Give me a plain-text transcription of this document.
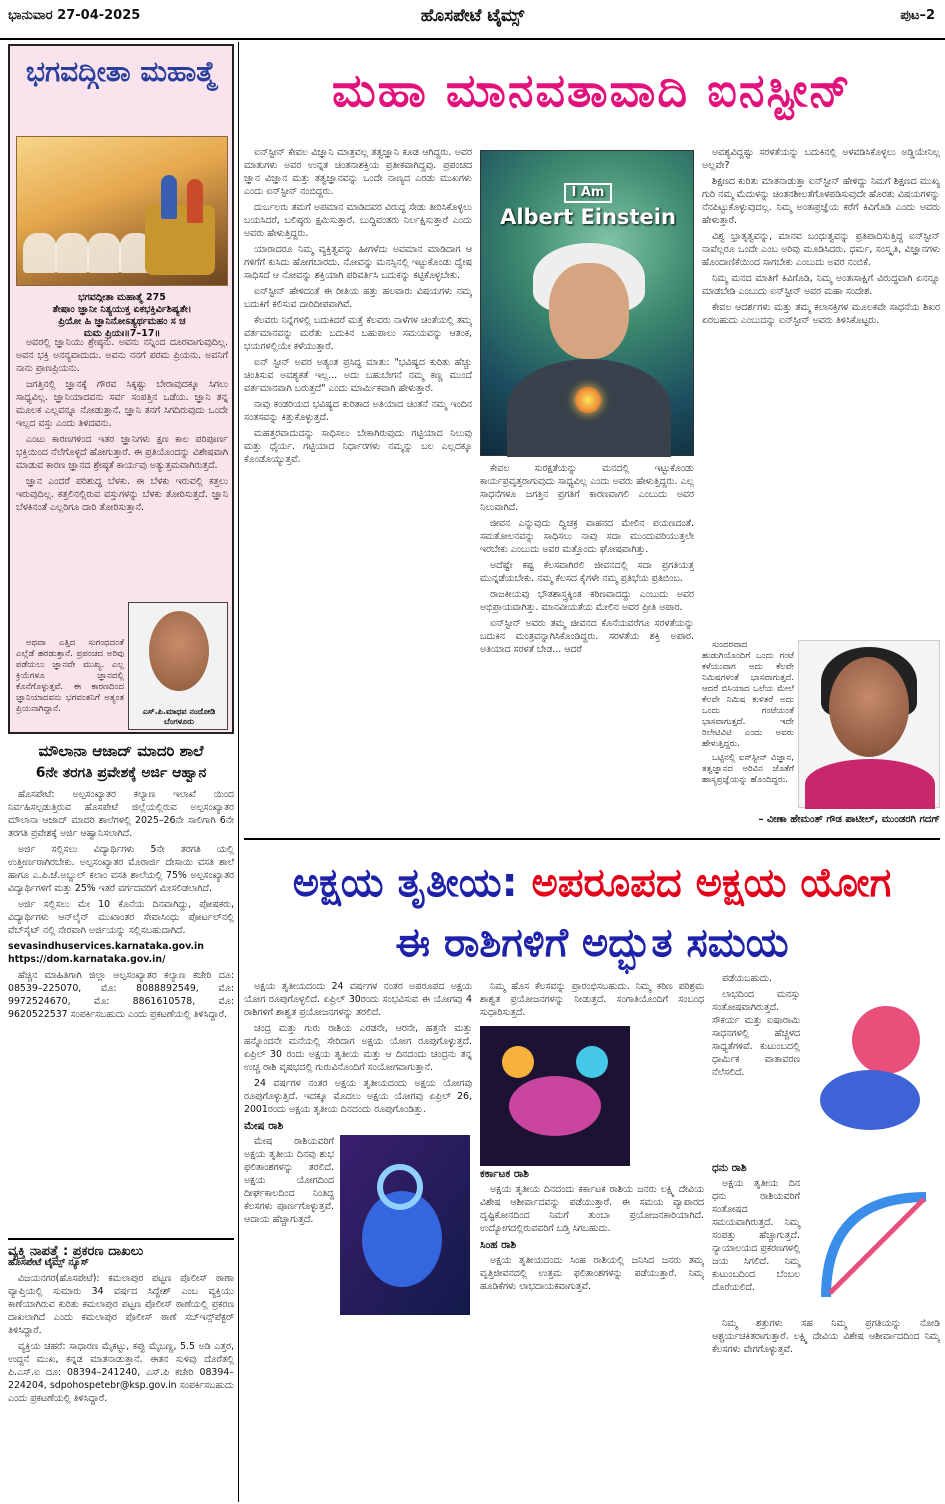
ಭಾನುವಾರ 27-04-2025	ಹೊಸಪೇಟೆ ಟೈಮ್ಸ್	ಪುಟ–2
ಭಗವದ್ಗೀತಾ ಮಹಾತ್ಮೆ
ಭಗವದ್ಗೀತಾ ಮಹಾತ್ಮೆ 275
ತೇಷಾಂ ಜ್ಞಾನೀ ನಿತ್ಯಯುಕ್ತ ಏಕಭಕ್ತಿರ್ವಿಶಿಷ್ಯತೇ।
ಪ್ರಿಯೋ ಹಿ ಜ್ಞಾನಿನೋಽತ್ಯರ್ಥಮಹಂ ಸ ಚ
ಮಮ ಪ್ರಿಯಃ॥7–17॥

ಅವರಲ್ಲಿ ಜ್ಞಾನಿಯು ಶ್ರೇಷ್ಠನು. ಅವನು ನನ್ನಿಂದ ದೂರವಾಗುವುದಿಲ್ಲ. ಅವನ ಭಕ್ತಿ ಅನನ್ಯವಾದುದು. ಅವನು ನನಗೆ ಪರಮ ಪ್ರಿಯನು. ಅವನಿಗೆ ನಾನು ಪ್ರಾಣಪ್ರಿಯನು.

ಜಗತ್ತಿನಲ್ಲಿ ಜ್ಞಾನಕ್ಕೆ ಗೌರವ ಸಿಕ್ಕಷ್ಟು ಬೇರಾವುದಕ್ಕೂ ಸಿಗಲು ಸಾಧ್ಯವಿಲ್ಲ. ಜ್ಞಾನಿಯಾದವನು ಸರ್ವ ಸಂಪತ್ತಿನ ಒಡೆಯ. ಜ್ಞಾನಿ ತನ್ನ ಮೂಲಕ ಎಲ್ಲವನ್ನೂ ನೋಡುತ್ತಾನೆ. ಜ್ಞಾನಿ ತನಗೆ ಸಿಗದಿರುವುದು ಒಂದೇ ಇಲ್ಲದ ವಸ್ತು ಎಂದು ತಿಳಿದವನು.

ಎಂಟು ಕಾರಣಗಳಿಂದ ಇತರ ಜ್ಞಾನಿಗಳು ಕ್ಷಣ ಕಾಲ ಪರಿಪೂರ್ಣ ಭಕ್ತಿಯಿಂದ ನೆಲೆಗೊಳ್ಳದೆ ಹೋಗುತ್ತಾರೆ. ಈ ಪ್ರತಿಯೊಂದನ್ನು ವಿಶೇಷವಾಗಿ ಮಾಡುವ ಕಾರಣ ಜ್ಞಾನದ ಶ್ರೇಷ್ಠತೆ ಕಾರ್ಯವು ಅತ್ಯುತ್ತಮವಾಗಿರುತ್ತದೆ.

ಜ್ಞಾನ ಎಂದರೆ ಪರಿಶುದ್ಧ ಬೆಳಕು. ಈ ಬೆಳಕು ಇರುವಲ್ಲಿ ಕತ್ತಲು ಇರುವುದಿಲ್ಲ. ಕತ್ತಲಿನಲ್ಲಿರುವ ವಸ್ತುಗಳನ್ನು ಬೆಳಕು ತೋರಿಸುತ್ತದೆ. ಜ್ಞಾನಿ ಬೆಳಕಿನಂತೆ ಎಲ್ಲರಿಗೂ ದಾರಿ ತೋರಿಸುತ್ತಾನೆ.

ಅಥವಾ ಎತ್ತಿದ ಸುಗಂಧದಂತೆ ಎಲ್ಲೆಡೆ ಹರಡುತ್ತಾನೆ. ಪ್ರಪಂಚದ ಅರಿವು ಪಡೆಯಲು ಜ್ಞಾನವೇ ಮುಖ್ಯ. ಎಲ್ಲ ಕ್ರಿಯೆಗಳೂ ಜ್ಞಾನದಲ್ಲಿ ಕೊನೆಗೊಳ್ಳುತ್ತವೆ. ಈ ಕಾರಣದಿಂದ ಜ್ಞಾನಿಯಾದವನು ಭಗವಂತನಿಗೆ ಅತ್ಯಂತ ಪ್ರಿಯನಾಗಿದ್ದಾನೆ.	ಎಸ್.ಪಿ.ಮಾಧವ ನಂದೋಡಿ
ಬೆಂಗಳೂರು
ಮೌಲಾನಾ ಆಜಾದ್ ಮಾದರಿ ಶಾಲೆ
6ನೇ ತರಗತಿ ಪ್ರವೇಶಕ್ಕೆ ಅರ್ಜಿ ಆಹ್ವಾನ

ಹೊಸಪೇಟೆ: ಅಲ್ಪಸಂಖ್ಯಾತರ ಕಲ್ಯಾಣ ಇಲಾಖೆ ಯಿಂದ ನಿರ್ವಹಿಸಲ್ಪಡುತ್ತಿರುವ ಹೊಸಪೇಟೆ ಜಿಲ್ಲೆಯಲ್ಲಿರುವ ಅಲ್ಪಸಂಖ್ಯಾತರ ಮೌಲಾನಾ ಆಜಾದ್ ಮಾದರಿ ಶಾಲೆಗಳಲ್ಲಿ 2025–26ನೇ ಸಾಲಿಗಾಗಿ 6ನೇ ತರಗತಿ ಪ್ರವೇಶಕ್ಕೆ ಅರ್ಜಿ ಆಹ್ವಾನಿಸಲಾಗಿದೆ.

ಅರ್ಜಿ ಸಲ್ಲಿಸಲು ವಿದ್ಯಾರ್ಥಿಗಳು 5ನೇ ತರಗತಿ ಯಲ್ಲಿ ಉತ್ತೀರ್ಣರಾಗಿರಬೇಕು. ಅಲ್ಪಸಂಖ್ಯಾತರ ಮೊರಾರ್ಜಿ ದೇಸಾಯಿ ವಸತಿ ಶಾಲೆ ಹಾಗೂ ಎ.ಪಿ.ಜೆ.ಅಬ್ದುಲ್ ಕಲಾಂ ವಸತಿ ಶಾಲೆಯಲ್ಲಿ 75% ಅಲ್ಪಸಂಖ್ಯಾತರ ವಿದ್ಯಾರ್ಥಿಗಳಿಗೆ ಮತ್ತು 25% ಇತರೆ ವರ್ಗದವರಿಗೆ ಮೀಸಲಿಡಲಾಗಿದೆ.

ಅರ್ಜಿ ಸಲ್ಲಿಸಲು ಮೇ 10 ಕೊನೆಯ ದಿನವಾಗಿದ್ದು, ಪೋಷಕರು, ವಿದ್ಯಾರ್ಥಿಗಳು ಆನ್‌ಲೈನ್ ಮುಖಾಂತರ ಸೇವಾಸಿಂಧು ಪೋರ್ಟಲ್‌ನಲ್ಲಿ ವೆಬ್‌ಸೈಟ್ ನಲ್ಲಿ ನೇರವಾಗಿ ಅರ್ಜಿಯನ್ನು ಸಲ್ಲಿಸಬಹುದಾಗಿದೆ.

sevasindhuservices.karnataka.gov.in
https://dom.karnataka.gov.in/

ಹೆಚ್ಚಿನ ಮಾಹಿತಿಗಾಗಿ ಜಿಲ್ಲಾ ಅಲ್ಪಸಂಖ್ಯಾತರ ಕಲ್ಯಾಣ ಕಚೇರಿ ದೂ: 08539–225070, ಮೊ: 8088892549, ಮೊ: 9972524670, ಮೊ: 8861610578, ಮೊ: 9620522537 ಸಂಪರ್ಕಿಸಬಹುದು ಎಂದು ಪ್ರಕಟಣೆಯಲ್ಲಿ ತಿಳಿಸಿದ್ದಾರೆ.

ವ್ಯಕ್ತಿ ನಾಪತ್ತೆ : ಪ್ರಕರಣ ದಾಖಲು

ಹೊಸಪೇಟೆ ಟೈಮ್ಸ್ ನ್ಯೂಸ್

ವಿಜಯನಗರ(ಹೊಸಪೇಟೆ): ಕಮಲಾಪುರ ಪಟ್ಟಣ ಪೊಲೀಸ್ ಠಾಣಾ ವ್ಯಾಪ್ತಿಯಲ್ಲಿ ಸುಮಾರು 34 ವರ್ಷದ ಸಿದ್ದೇಶ್ ಎಂಬ ವ್ಯಕ್ತಿಯು ಕಾಣೆಯಾಗಿರುವ ಕುರಿತು ಕಮಲಾಪುರ ಪಟ್ಟಣ ಪೊಲೀಸ್ ಠಾಣೆಯಲ್ಲಿ ಪ್ರಕರಣ ದಾಖಲಾಗಿದೆ ಎಂದು ಕಮಲಾಪುರ ಪೊಲೀಸ್ ಠಾಣೆ ಸಬ್‌ಇನ್ಸ್‌ಪೆಕ್ಟರ್ ತಿಳಿಸಿದ್ದಾರೆ.

ವ್ಯಕ್ತಿಯ ಚಹರೆ: ಸಾಧಾರಣ ಮೈಕಟ್ಟು, ಕಪ್ಪು ಮೈಬಣ್ಣ, 5.5 ಅಡಿ ಎತ್ತರ, ಉದ್ದನೆ ಮುಖ, ಕನ್ನಡ ಮಾತನಾಡುತ್ತಾನೆ. ಈತನ ಸುಳಿವು ದೊರೆತಲ್ಲಿ ಪಿ.ಎಸ್.ಐ ದೂ: 08394–241240, ಎಸ್.ಪಿ ಕಚೇರಿ 08394–224204, sdpohospetebr@ksp.gov.in ಸಂಪರ್ಕಿಸಬಹುದು ಎಂದು ಪ್ರಕಟಣೆಯಲ್ಲಿ ತಿಳಿಸಿದ್ದಾರೆ.

ಮಹಾ ಮಾನವತಾವಾದಿ ಐನಸ್ಟೀನ್

ಐನ್‌ಸ್ಟೀನ್ ಕೇವಲ ವಿಜ್ಞಾನಿ ಮಾತ್ರವಲ್ಲ ತತ್ವಜ್ಞಾನಿ ಕೂಡ ಆಗಿದ್ದರು. ಅವರ ಮಾತುಗಳು ಅವರ ಉನ್ನತ ಚಿಂತನಾಶಕ್ತಿಯ ಪ್ರತೀಕವಾಗಿದ್ದವು. ಪ್ರಪಂಚದ ಜ್ಞಾನ ವಿಜ್ಞಾನ ಮತ್ತು ತತ್ವಜ್ಞಾನವನ್ನು ಒಂದೇ ನಾಣ್ಯದ ಎರಡು ಮುಖಗಳು ಎಂದು ಐನ್‌ಸ್ಟೀನ್ ನಂಬಿದ್ದರು.

ದುರ್ಬಲರು ತಮಗೆ ಅಪಮಾನ ಮಾಡಿದವರ ವಿರುದ್ಧ ಸೇಡು ತೀರಿಸಿಕೊಳ್ಳಲು ಬಯಸಿದರೆ, ಬಲಿಷ್ಠರು ಕ್ಷಮಿಸುತ್ತಾರೆ. ಬುದ್ಧಿವಂತರು ನಿರ್ಲಕ್ಷಿಸುತ್ತಾರೆ ಎಂದು ಅವರು ಹೇಳುತ್ತಿದ್ದರು.

ಯಾರಾದರೂ ನಿಮ್ಮ ವ್ಯಕ್ತಿತ್ವವನ್ನು ಹೀಗಳೆದು ಅವಮಾನ ಮಾಡಿದಾಗ ಆ ಗಳಿಗೆಗೆ ಕುಸಿದು ಹೋಗಬಾರದು. ನೋವನ್ನು ಮನಸ್ಸಿನಲ್ಲಿ ಇಟ್ಟುಕೊಂಡು ದ್ವೇಷ ಸಾಧಿಸದೆ ಆ ನೋವನ್ನು ಶಕ್ತಿಯಾಗಿ ಪರಿವರ್ತಿಸಿ ಬದುಕನ್ನು ಕಟ್ಟಿಕೊಳ್ಳಬೇಕು.

ಐನ್‌ಸ್ಟೀನ್ ಹೇಳಿದಂತೆ ಈ ರೀತಿಯ ಹತ್ತು ಹಲವಾರು ವಿಷಯಗಳು ನಮ್ಮ ಬದುಕಿಗೆ ಕಲಿಸುವ ದಾರಿದೀಪವಾಗಿವೆ.

ಕೆಲವರು ನಿನ್ನೆಗಳಲ್ಲಿ ಬದುಕಿದರೆ ಮತ್ತೆ ಕೆಲವರು ನಾಳೆಗಳ ಚಿಂತೆಯಲ್ಲಿ ತಮ್ಮ ವರ್ತಮಾನವನ್ನು ಮರೆತು ಬದುಕಿನ ಬಹುಪಾಲು ಸಮಯವನ್ನು ಆತಂಕ, ಭಯಗಳಲ್ಲಿಯೇ ಕಳೆಯುತ್ತಾರೆ.

ಐನ್ ಸ್ಟೀನ್ ಅವರ ಅತ್ಯಂತ ಪ್ರಸಿದ್ಧ ಮಾತು: "ಭವಿಷ್ಯದ ಕುರಿತು ಹೆಚ್ಚು ಚಿಂತಿಸುವ ಅವಶ್ಯಕತೆ ಇಲ್ಲ... ಅದು ಬಹುಬೇಗನೆ ನಮ್ಮ ಕಣ್ಣ ಮುಂದೆ ವರ್ತಮಾನವಾಗಿ ಬರುತ್ತದೆ" ಎಂದು ಮಾರ್ಮಿಕವಾಗಿ ಹೇಳುತ್ತಾರೆ.

ನಾವು ಕಂಡರಿಯದ ಭವಿಷ್ಯದ ಕುರಿತಾದ ಅತಿಯಾದ ಚಿಂತನೆ ನಮ್ಮ ಇಂದಿನ ಸಂತಸವನ್ನು ಕಿತ್ತುಕೊಳ್ಳುತ್ತದೆ.

ಮಹತ್ತರವಾದುದನ್ನು ಸಾಧಿಸಲು ಬೇಕಾಗಿರುವುದು ಗಟ್ಟಿಯಾದ ನಿಲುವು ಮತ್ತು ಧೈರ್ಯ. ಗಟ್ಟಿಯಾದ ನಿರ್ಧಾರಗಳು ನಮ್ಮನ್ನು ಬಲ ಎಲ್ಲದಕ್ಕೂ ಕೊಂಡೊಯ್ಯುತ್ತವೆ.

I Am
Albert Einstein

ಕೇವಲ ಸುರಕ್ಷತೆಯನ್ನು ಮನದಲ್ಲಿ ಇಟ್ಟುಕೊಂಡು ಕಾರ್ಯಪ್ರವೃತ್ತರಾಗುವುದು ಸಾಧ್ಯವಿಲ್ಲ ಎಂದು ಅವರು ಹೇಳುತ್ತಿದ್ದರು. ಎಲ್ಲ ಸಾಧನೆಗಳೂ ಜಗತ್ತಿನ ಪ್ರಗತಿಗೆ ಕಾರಣವಾಗಲಿ ಎಂಬುದು ಅವರ ನಿಲುವಾಗಿದೆ.

ಜೀವನ ಎನ್ನುವುದು ದ್ವಿಚಕ್ರ ವಾಹನದ ಮೇಲಿನ ಪಯಣದಂತೆ. ಸಮತೋಲನವನ್ನು ಸಾಧಿಸಲು ನಾವು ಸದಾ ಮುಂದುವರಿಯುತ್ತಲೇ ಇರಬೇಕು ಎಂಬುದು ಅವರ ಮತ್ತೊಂದು ಘೋಷವಾಗಿತ್ತು.

ಅದೆಷ್ಟೇ ಕಷ್ಟ ಕೆಲಸವಾಗಿರಲಿ ಜೀವನದಲ್ಲಿ ಸದಾ ಪ್ರಗತಿಯತ್ತ ಮುನ್ನಡೆಯಬೇಕು. ನಮ್ಮ ಕೆಲಸದ ಕೈಗಳೇ ನಮ್ಮ ಪ್ರತಿಭೆಯ ಪ್ರತಿಬಿಂಬ.

ರಾಜಕೀಯವು ಭೌತಶಾಸ್ತ್ರಕ್ಕಿಂತ ಕಠಿಣವಾದದ್ದು ಎಂಬುದು ಅವರ ಅಭಿಪ್ರಾಯವಾಗಿತ್ತು. ಮಾನವೀಯತೆಯ ಮೇಲಿನ ಅವರ ಪ್ರೀತಿ ಅಪಾರ.

ಐನ್‌ಸ್ಟೀನ್ ಅವರು ತಮ್ಮ ಜೀವನದ ಕೊನೆಯವರೆಗೂ ಸರಳತೆಯನ್ನು ಬದುಕಿನ ಮಂತ್ರವನ್ನಾಗಿಸಿಕೊಂಡಿದ್ದರು. ಸರಳತೆಯ ಶಕ್ತಿ ಅಪಾರ. ಅತಿಯಾದ ಸರಳತೆ ಬೇಡ... ಆದರೆ

ಅವಶ್ಯವಿದ್ದಷ್ಟು ಸರಳತೆಯನ್ನು ಬದುಕಿನಲ್ಲಿ ಅಳವಡಿಸಿಕೊಳ್ಳಲು ಅಡ್ಡಿಯೇನಿಲ್ಲ ಅಲ್ಲವೇ?

ಶಿಕ್ಷಣದ ಕುರಿತು ಮಾತನಾಡುತ್ತಾ ಐನ್‌ಸ್ಟೀನ್ ಹೇಳಿದ್ದು ನಿಮಗೆ ಶಿಕ್ಷಣದ ಮುಖ್ಯ ಗುರಿ ನಮ್ಮ ಮೆದುಳನ್ನು ಚಿಂತನಶೀಲತೆಗೊಳಪಡಿಸುವುದೇ ಹೊರತು ವಿಷಯಗಳನ್ನು ನೆನಪಿಟ್ಟುಕೊಳ್ಳುವುದಲ್ಲ. ನಿಮ್ಮ ಅಂತಃಪ್ರಜ್ಞೆಯ ಕರೆಗೆ ಕಿವಿಗೊಡಿ ಎಂದು ಅವರು ಹೇಳುತ್ತಾರೆ.

ವಿಶ್ವ ಭ್ರಾತೃತ್ವವನ್ನು, ಮಾನವ ಬಂಧುತ್ವವನ್ನು ಪ್ರತಿಪಾದಿಸುತ್ತಿದ್ದ ಐನ್‌ಸ್ಟೀನ್ ನಾವೆಲ್ಲರೂ ಒಂದೇ ಎಂಬ ಅರಿವು ಮೂಡಿಸಿದರು. ಧರ್ಮ, ಸಂಸ್ಕೃತಿ, ವಿಜ್ಞಾನಗಳು ಹೊಂದಾಣಿಕೆಯಿಂದ ಸಾಗಬೇಕು ಎಂಬುದು ಅವರ ನಂಬಿಕೆ.

ನಿಮ್ಮ ಮನದ ಮಾತಿಗೆ ಕಿವಿಗೊಡಿ, ನಿಮ್ಮ ಅಂತಃಸಾಕ್ಷಿಗೆ ವಿರುದ್ಧವಾಗಿ ಏನನ್ನೂ ಮಾಡಬೇಡಿ ಎಂಬುದು ಐನ್‌ಸ್ಟೀನ್ ಅವರ ಮಹಾ ಸಂದೇಶ.

ಕೇವಲ ಆದರ್ಶಗಳು ಮತ್ತು ತಮ್ಮ ಕಲಾಸಕ್ತಿಗಳ ಮೂಲಕವೇ ಸಾಧನೆಯ ಶಿಖರ ಏರಬಹುದು ಎಂಬುದನ್ನು ಐನ್‌ಸ್ಟೀನ್ ಅವರು ತಿಳಿಸಿಕೊಟ್ಟರು.

ಸುಂದರವಾದ ಹುಡುಗಿಯೊಂದಿಗೆ ಒಂದು ಗಂಟೆ ಕಳೆಯುವಾಗ ಅದು ಕೆಲವೇ ನಿಮಿಷಗಳಂತೆ ಭಾಸವಾಗುತ್ತದೆ. ಆದರೆ ಬಿಸಿಯಾದ ಒಲೆಯ ಮೇಲೆ ಕೆಲವೇ ನಿಮಿಷ ಕುಳಿತರೆ ಅದು ಒಂದು ಗಂಟೆಯಂತೆ ಭಾಸವಾಗುತ್ತದೆ. ಇದೇ ರಿಲೇಟಿವಿಟಿ ಎಂದು ಅವರು ಹೇಳುತ್ತಿದ್ದರು.

ಒಟ್ಟಿನಲ್ಲಿ ಐನ್‌ಸ್ಟೀನ್ ವಿಜ್ಞಾನ, ತತ್ವಜ್ಞಾನದ ಅರಿವಿನ ಜೊತೆಗೆ ಹಾಸ್ಯಪ್ರಜ್ಞೆಯನ್ನು ಹೊಂದಿದ್ದರು.

– ವೀಣಾ ಹೇಮಂತ್ ಗೌಡ ಪಾಟೀಲ್, ಮುಂಡರಗಿ ಗದಗ್
ಅಕ್ಷಯ ತೃತೀಯ: ಅಪರೂಪದ ಅಕ್ಷಯ ಯೋಗ
ಈ ರಾಶಿಗಳಿಗೆ ಅದ್ಭುತ ಸಮಯ

ಅಕ್ಷಯ ತೃತೀಯದಂದು 24 ವರ್ಷಗಳ ನಂತರ ಅಪರೂಪದ ಅಕ್ಷಯ ಯೋಗ ರೂಪುಗೊಳ್ಳಲಿದೆ. ಏಪ್ರಿಲ್ 30ರಂದು ಸಂಭವಿಸುವ ಈ ಯೋಗವು 4 ರಾಶಿಗಳಿಗೆ ಶಾಶ್ವತ ಪ್ರಯೋಜನಗಳನ್ನು ತರಲಿದೆ.

ಚಂದ್ರ ಮತ್ತು ಗುರು ರಾಶಿಯ ಎರಡನೇ, ಆರನೇ, ಹತ್ತನೇ ಮತ್ತು ಹನ್ನೊಂದನೇ ಮನೆಯಲ್ಲಿ ಸೇರಿದಾಗ ಅಕ್ಷಯ ಯೋಗ ರೂಪುಗೊಳ್ಳುತ್ತದೆ. ಏಪ್ರಿಲ್ 30 ರಂದು ಅಕ್ಷಯ ತೃತೀಯ ಮತ್ತು ಆ ದಿನದಂದು ಚಂದ್ರನು ತನ್ನ ಉಚ್ಚ ರಾಶಿ ವೃಷಭದಲ್ಲಿ ಗುರುವಿನೊಂದಿಗೆ ಸಂಯೋಗವಾಗುತ್ತಾನೆ.

24 ವರ್ಷಗಳ ನಂತರ ಅಕ್ಷಯ ತೃತೀಯದಂದು ಅಕ್ಷಯ ಯೋಗವು ರೂಪುಗೊಳ್ಳುತ್ತಿದೆ. ಇದಕ್ಕೂ ಮೊದಲು ಅಕ್ಷಯ ಯೋಗವು ಏಪ್ರಿಲ್ 26, 2001ರಂದು ಅಕ್ಷಯ ತೃತೀಯ ದಿನದಂದು ರೂಪುಗೊಂಡಿತ್ತು.

ಮೇಷ ರಾಶಿ

ಮೇಷ ರಾಶಿಯವರಿಗೆ ಅಕ್ಷಯ ತೃತೀಯ ದಿನವು ಶುಭ ಫಲಿತಾಂಶಗಳನ್ನು ತರಲಿದೆ. ಅಕ್ಷಯ ಯೋಗದಿಂದ ದೀರ್ಘಕಾಲದಿಂದ ನಿಂತಿದ್ದ ಕೆಲಸಗಳು ಪೂರ್ಣಗೊಳ್ಳುತ್ತವೆ. ಆದಾಯ ಹೆಚ್ಚಾಗುತ್ತದೆ.

ನಿಮ್ಮ ಹೊಸ ಕೆಲಸವನ್ನು ಪ್ರಾರಂಭಿಸಬಹುದು. ನಿಮ್ಮ ಕಠಿಣ ಪರಿಶ್ರಮ ಶಾಶ್ವತ ಪ್ರಯೋಜನಗಳನ್ನು ನೀಡುತ್ತದೆ. ಸಂಗಾತಿಯೊಂದಿಗೆ ಸಂಬಂಧ ಸುಧಾರಿಸುತ್ತದೆ.

ಕರ್ಕಾಟಕ ರಾಶಿ

ಅಕ್ಷಯ ತೃತೀಯ ದಿನದಂದು ಕರ್ಕಾಟಕ ರಾಶಿಯ ಜನರು ಲಕ್ಷ್ಮಿ ದೇವಿಯ ವಿಶೇಷ ಆಶೀರ್ವಾದವನ್ನು ಪಡೆಯುತ್ತಾರೆ. ಈ ಸಮಯ ವ್ಯಾಪಾರದ ದೃಷ್ಟಿಕೋನದಿಂದ ನಿಮಗೆ ತುಂಬಾ ಪ್ರಯೋಜನಕಾರಿಯಾಗಿದೆ. ಉದ್ಯೋಗದಲ್ಲಿರುವವರಿಗೆ ಬಡ್ತಿ ಸಿಗಬಹುದು.

ಸಿಂಹ ರಾಶಿ

ಅಕ್ಷಯ ತೃತೀಯದಂದು ಸಿಂಹ ರಾಶಿಯಲ್ಲಿ ಜನಿಸಿದ ಜನರು ತಮ್ಮ ವೃತ್ತಿಜೀವನದಲ್ಲಿ ಉತ್ತಮ ಫಲಿತಾಂಶಗಳನ್ನು ಪಡೆಯುತ್ತಾರೆ. ನಿಮ್ಮ ಹೂಡಿಕೆಗಳು ಲಾಭದಾಯಕವಾಗುತ್ತವೆ.

ಪಡೆಯಬಹುದು.

ಲಾಭದಿಂದ ಮನಸ್ಸು ಸಂತೋಷವಾಗಿರುತ್ತದೆ. ಸೌಕರ್ಯ ಮತ್ತು ಐಷಾರಾಮಿ ಸಾಧನಗಳಲ್ಲಿ ಹೆಚ್ಚಳದ ಸಾಧ್ಯತೆಗಳಿವೆ. ಕುಟುಂಬದಲ್ಲಿ ಧಾರ್ಮಿಕ ವಾತಾವರಣ ನೆಲೆಸಲಿದೆ.

ಧನು ರಾಶಿ

ಅಕ್ಷಯ ತೃತೀಯ ದಿನ ಧನು ರಾಶಿಯವರಿಗೆ ಸಂತೋಷದ ಸಮಯವಾಗಿರುತ್ತದೆ. ನಿಮ್ಮ ಸಂಪತ್ತು ಹೆಚ್ಚಾಗುತ್ತದೆ. ನ್ಯಾಯಾಲಯದ ಪ್ರಕರಣಗಳಲ್ಲಿ ಜಯ ಸಿಗಲಿದೆ. ನಿಮ್ಮ ಕುಟುಂಬದಿಂದ ಬೆಂಬಲ ದೊರೆಯಲಿದೆ.

ನಿಮ್ಮ ಶತ್ರುಗಳು ಸಹ ನಿಮ್ಮ ಪ್ರಗತಿಯನ್ನು ನೋಡಿ ಆಶ್ಚರ್ಯಚಕಿತರಾಗುತ್ತಾರೆ. ಲಕ್ಷ್ಮಿ ದೇವಿಯ ವಿಶೇಷ ಆಶೀರ್ವಾದದಿಂದ ನಿಮ್ಮ ಕೆಲಸಗಳು ವೇಗಗೊಳ್ಳುತ್ತವೆ.
